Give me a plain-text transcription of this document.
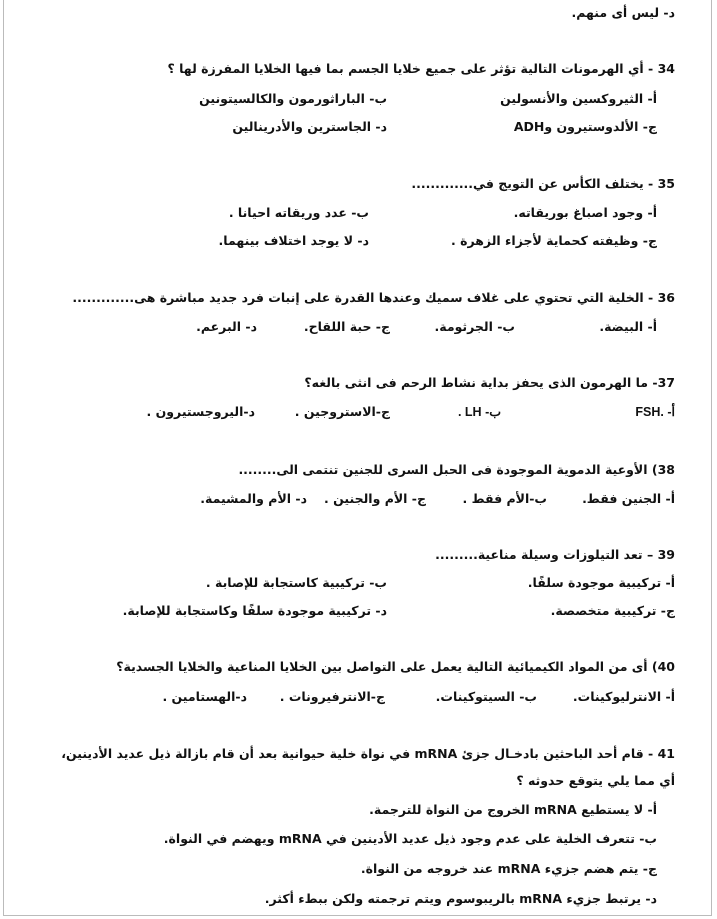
د- ليس أى منهم.
34 - أي الهرمونات التالية تؤثر على جميع خلايا الجسم بما فيها الخلايا المفرزة لها ؟
أ- الثيروكسين والأنسولين
ب- الباراثورمون والكالسيتونين
ج- الألدوستيرون وADH
د- الجاسترين والأدرينالين
35 - يختلف الكأس عن التويج في.............
أ- وجود اصباغ بوريقاته.
ب- عدد وريقاته احيانا .
ج- وظيفته كحماية لأجزاء الزهرة .
د- لا يوجد اختلاف بينهما.
36 - الخلية التي تحتوي على غلاف سميك وعندها القدرة على إنبات فرد جديد مباشرة هى.............
أ- البيضة.
ب- الجرثومة.
ج- حبة اللقاح.
د- البرعم.
37- ما الهرمون الذى يحفز بداية نشاط الرحم فى انثى بالغه؟
أ- .FSH
ب- LH .
ج-الاستروجين .
د-اليروجستيرون .
38) الأوعية الدموية الموجودة فى الحبل السرى للجنين تنتمى الى........
أ- الجنين فقط.
ب-الأم فقط .
ج- الأم والجنين .
د- الأم والمشيمة.
39 – تعد التيلوزات وسيلة مناعية.........
أ- تركيبية موجودة سلفًا.
ب- تركيبية كاستجابة للإصابة .
ج- تركيبية متخصصة.
د- تركيبية موجودة سلفًا وكاستجابة للإصابة.
40) أى من المواد الكيميائية التالية يعمل على التواصل بين الخلايا المناعية والخلايا الجسدية؟
أ- الانترليوكينات.
ب- السيتوكينات.
ج-الانترفيرونات .
د-الهستامين .
41 - قام أحد الباحثين بادخـال جزئ mRNA في نواة خلية حيوانية بعد أن قام بازالة ذيل عديد الأدينين،
أي مما يلي يتوقع حدوثه ؟
أ- لا يستطيع mRNA الخروج من النواة للترجمة.
ب- تتعرف الخلية على عدم وجود ذيل عديد الأدينين في mRNA ويهضم في النواة.
ج- يتم هضم جزيء mRNA عند خروجه من النواة.
د- يرتبط جزيء mRNA بالريبوسوم ويتم ترجمته ولكن ببطء أكثر.
